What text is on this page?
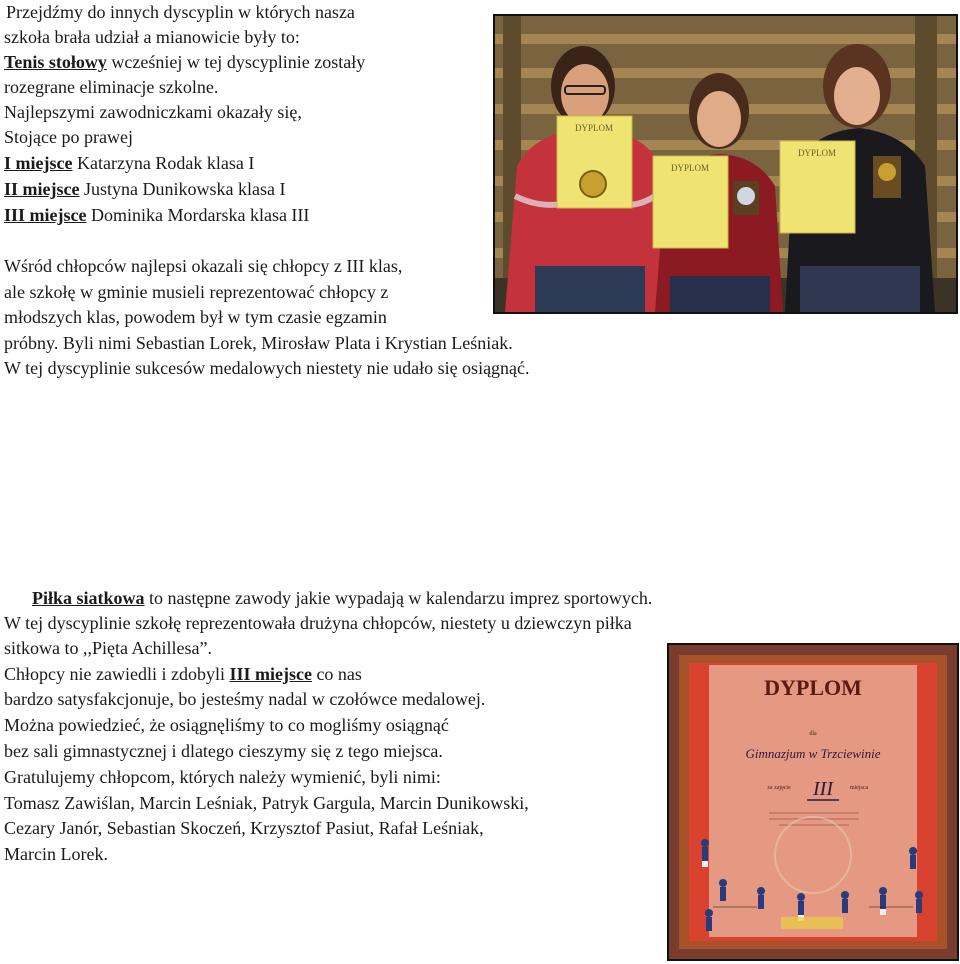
Przejdźmy do innych dyscyplin w których nasza
szkoła brała udział a mianowicie były to:
Tenis stołowy wcześniej w tej dyscyplinie zostały
rozegrane eliminacje szkolne.
Najlepszymi zawodniczkami okazały się,
Stojące po prawej
I miejsce Katarzyna Rodak klasa I
II miejsce Justyna Dunikowska klasa I
III miejsce Dominika Mordarska klasa III
Wśród chłopców najlepsi okazali się chłopcy z III klas,
ale szkołę w gminie musieli reprezentować chłopcy z
młodszych klas, powodem był w tym czasie egzamin
próbny. Byli nimi Sebastian Lorek, Mirosław Plata i Krystian Leśniak.
W tej dyscyplinie sukcesów medalowych niestety nie udało się osiągnąć.
Piłka siatkowa to następne zawody jakie wypadają w kalendarzu imprez sportowych.
W tej dyscyplinie szkołę reprezentowała drużyna chłopców, niestety u dziewczyn piłka
sitkowa to ,,Pięta Achillesa”.
Chłopcy nie zawiedli i zdobyli III miejsce co nas
bardzo satysfakcjonuje, bo jesteśmy nadal w czołówce medalowej.
Można powiedzieć, że osiągnęliśmy to co mogliśmy osiągnąć
bez sali gimnastycznej i dlatego cieszymy się z tego miejsca.
Gratulujemy chłopcom, których należy wymienić, byli nimi:
Tomasz Zawiślan, Marcin Leśniak, Patryk Gargula, Marcin Dunikowski,
Cezary Janór, Sebastian Skoczeń, Krzysztof Pasiut, Rafał Leśniak,
Marcin Lorek.
DYPLOM
DYPLOM
DYPLOM
DYPLOM
dla
Gimnazjum w Trzciewinie
za zajęcie III	miejsca
